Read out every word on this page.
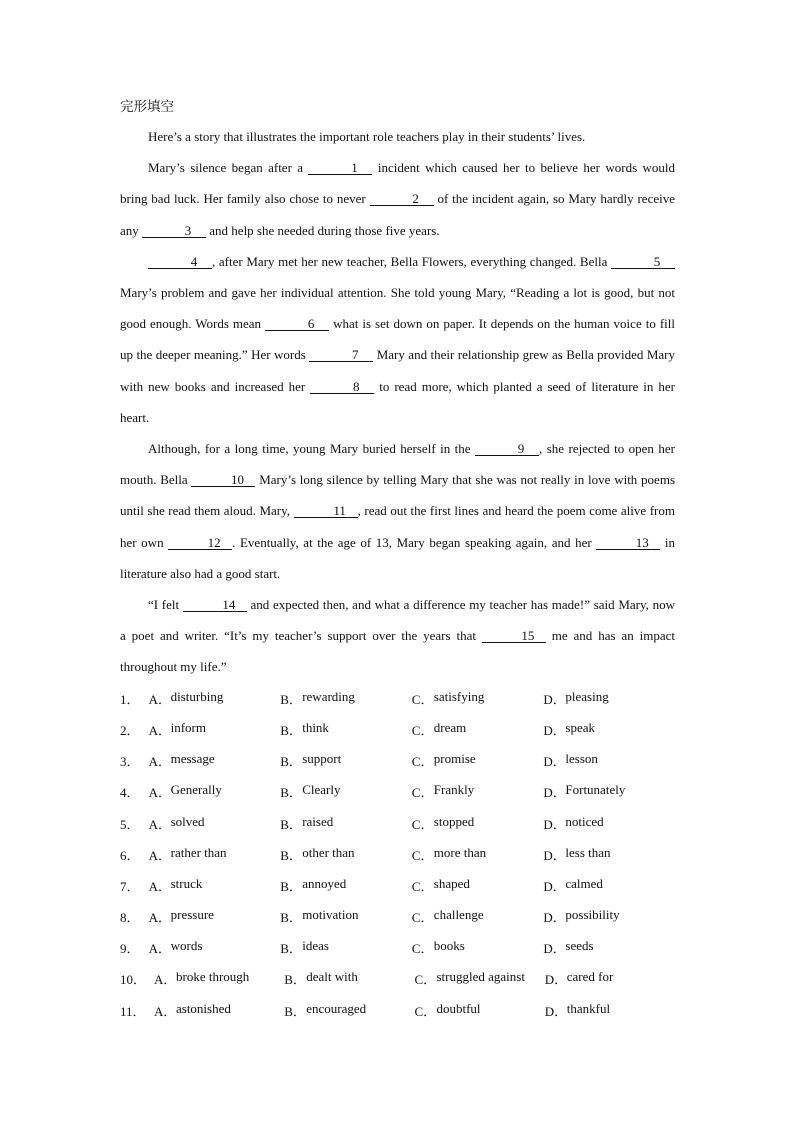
完形填空

Here’s a story that illustrates the important role teachers play in their students’ lives.

Mary’s silence began after a	1 incident which caused her to believe her words would bring bad luck. Her family also chose to never	2 of the incident again, so Mary hardly receive any	3 and help she needed during those five years.

4 , after Mary met her new teacher, Bella Flowers, everything changed. Bella	5 Mary’s problem and gave her individual attention. She told young Mary, “Reading a lot is good, but not good enough. Words mean	6 what is set down on paper. It depends on the human voice to fill up the deeper meaning.” Her words	7 Mary and their relationship grew as Bella provided Mary with new books and increased her	8 to read more, which planted a seed of literature in her heart.

Although, for a long time, young Mary buried herself in the	9 , she rejected to open her mouth. Bella	10 Mary’s long silence by telling Mary that she was not really in love with poems until she read them aloud. Mary,	11 , read out the first lines and heard the poem come alive from her own	12 . Eventually, at the age of 13, Mary began speaking again, and her	13 in literature also had a good start.

“I felt	14 and expected then, and what a difference my teacher has made!” said Mary, now a poet and writer. “It’s my teacher’s support over the years that	15 me and has an impact throughout my life.”

1． A． disturbing	B． rewarding	C． satisfying	D． pleasing
2． A． inform	B． think	C． dream	D． speak
3． A． message	B． support	C． promise	D． lesson
4． A． Generally	B． Clearly	C． Frankly	D． Fortunately
5． A． solved	B． raised	C． stopped	D． noticed
6． A． rather than	B． other than	C． more than	D． less than
7． A． struck	B． annoyed	C． shaped	D． calmed
8． A． pressure	B． motivation	C． challenge	D． possibility
9． A． words	B． ideas	C． books	D． seeds
10． A． broke through	B． dealt with	C． struggled against D． cared for
11． A． astonished	B． encouraged	C． doubtful	D． thankful
